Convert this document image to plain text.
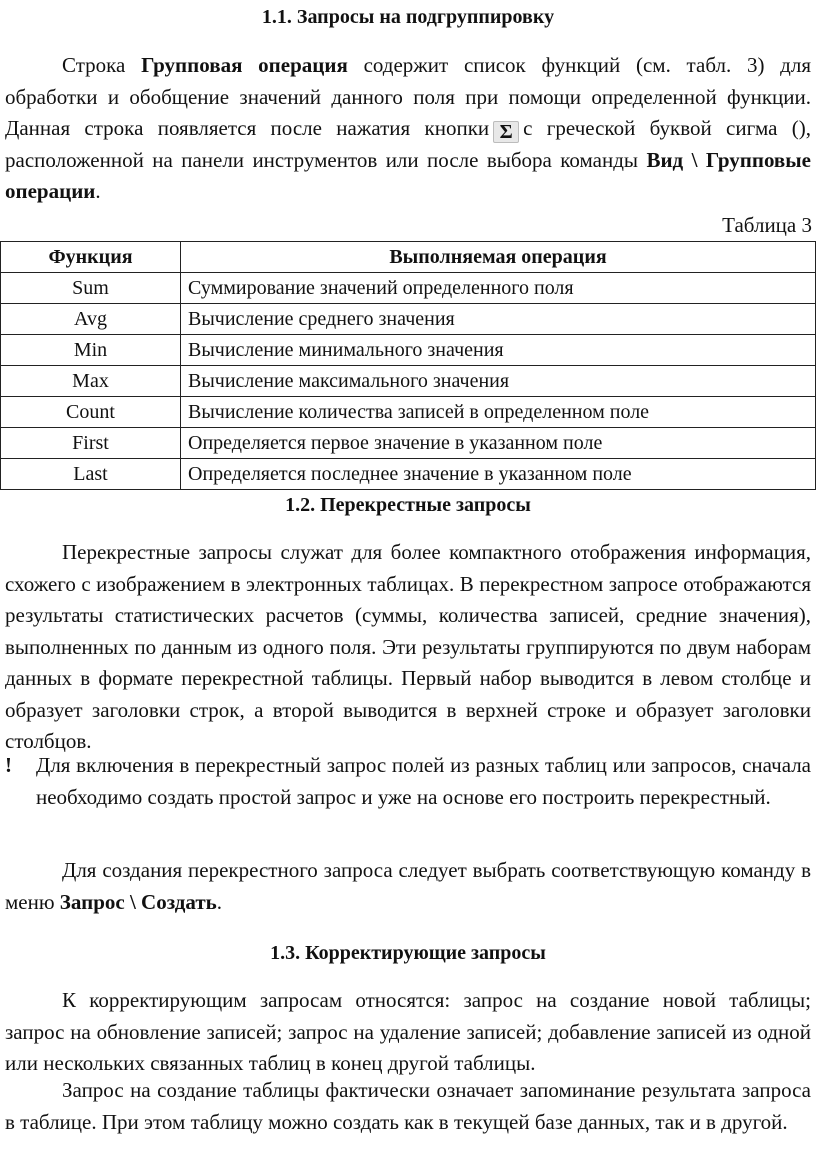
1.1. Запросы на подгруппировку

Строка Групповая операция содержит список функций (см. табл. 3) для обработки и обобщение значений данного поля при помощи определенной функции. Данная строка появляется после нажатия кнопки Σ с греческой буквой сигма (), расположенной на панели инструментов или после выбора команды Вид \ Групповые операции.

Таблица 3
Функция	Выполняемая операция
Sum	Суммирование значений определенного поля
Avg	Вычисление среднего значения
Min	Вычисление минимального значения
Max	Вычисление максимального значения
Count	Вычисление количества записей в определенном поле
First	Определяется первое значение в указанном поле
Last	Определяется последнее значение в указанном поле
1.2. Перекрестные запросы

Перекрестные запросы служат для более компактного отображения информация, схожего с изображением в электронных таблицах. В перекрестном запросе отображаются результаты статистических расчетов (суммы, количества записей, средние значения), выполненных по данным из одного поля. Эти результаты группируются по двум наборам данных в формате перекрестной таблицы. Первый набор выводится в левом столбце и образует заголовки строк, а второй выводится в верхней строке и образует заголовки столбцов.

! Для включения в перекрестный запрос полей из разных таблиц или запросов, сначала необходимо создать простой запрос и уже на основе его построить перекрестный.

Для создания перекрестного запроса следует выбрать соответствующую команду в меню Запрос \ Создать.

1.3. Корректирующие запросы

К корректирующим запросам относятся: запрос на создание новой таблицы; запрос на обновление записей; запрос на удаление записей; добавление записей из одной или нескольких связанных таблиц в конец другой таблицы.

Запрос на создание таблицы фактически означает запоминание результата запроса в таблице. При этом таблицу можно создать как в текущей базе данных, так и в другой.
